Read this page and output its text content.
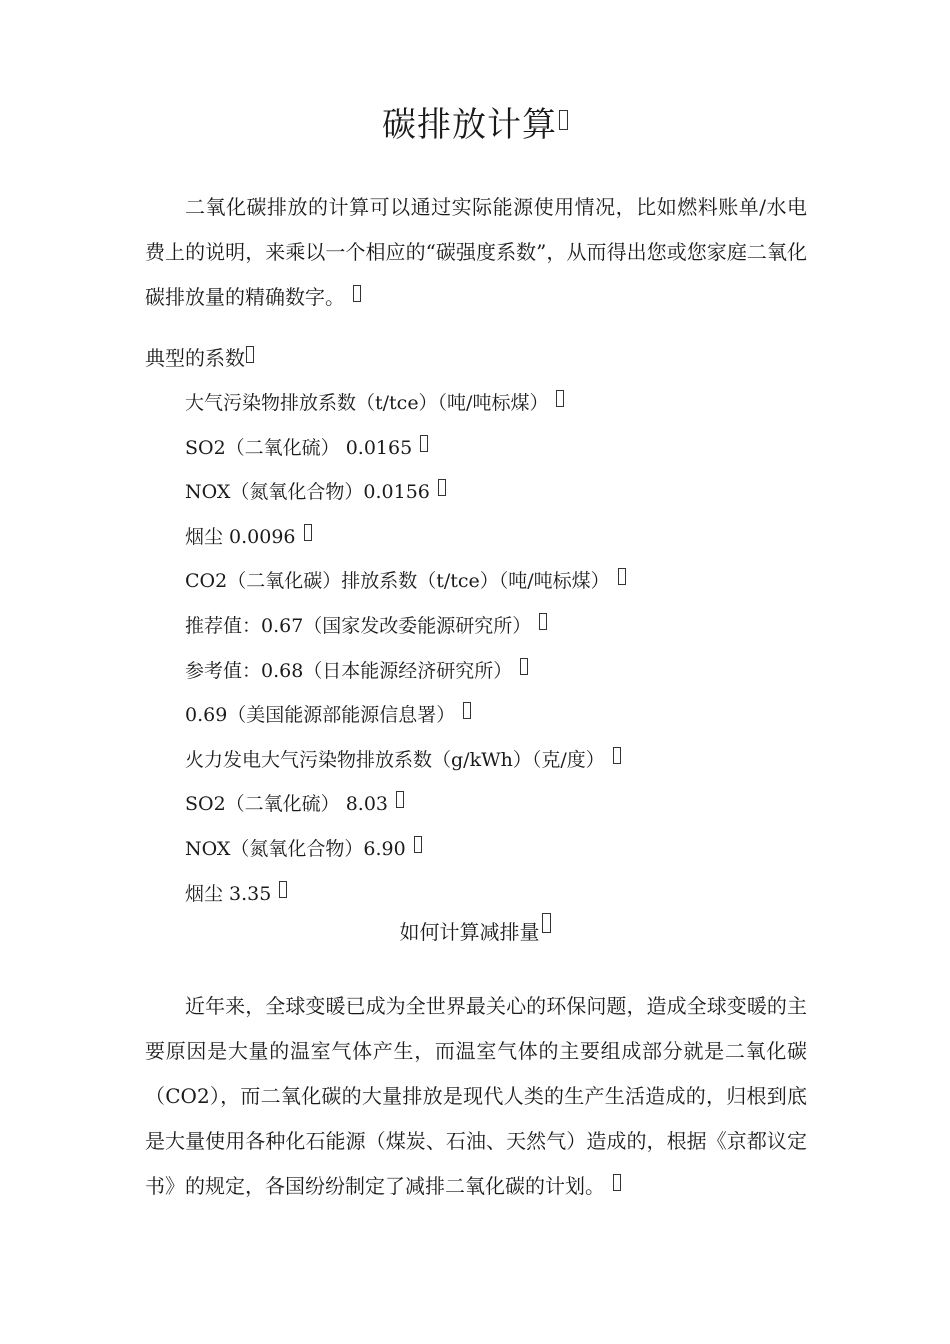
碳排放计算
二氧化碳排放的计算可以通过实际能源使用情况，比如燃料账单/水电费上的说明，来乘以一个相应的“碳强度系数”，从而得出您或您家庭二氧化碳排放量的精确数字。
典型的系数
大气污染物排放系数（t/tce）（吨/吨标煤）
SO2（二氧化硫） 0.0165
NOX（氮氧化合物）0.0156
烟尘 0.0096
CO2（二氧化碳）排放系数（t/tce）（吨/吨标煤）
推荐值：0.67（国家发改委能源研究所）
参考值：0.68（日本能源经济研究所）
0.69（美国能源部能源信息署）
火力发电大气污染物排放系数（g/kWh）（克/度）
SO2（二氧化硫） 8.03
NOX（氮氧化合物）6.90
烟尘 3.35
如何计算减排量
近年来，全球变暖已成为全世界最关心的环保问题，造成全球变暖的主要原因是大量的温室气体产生，而温室气体的主要组成部分就是二氧化碳（CO2），而二氧化碳的大量排放是现代人类的生产生活造成的，归根到底是大量使用各种化石能源（煤炭、石油、天然气）造成的，根据《京都议定书》的规定，各国纷纷制定了减排二氧化碳的计划。
